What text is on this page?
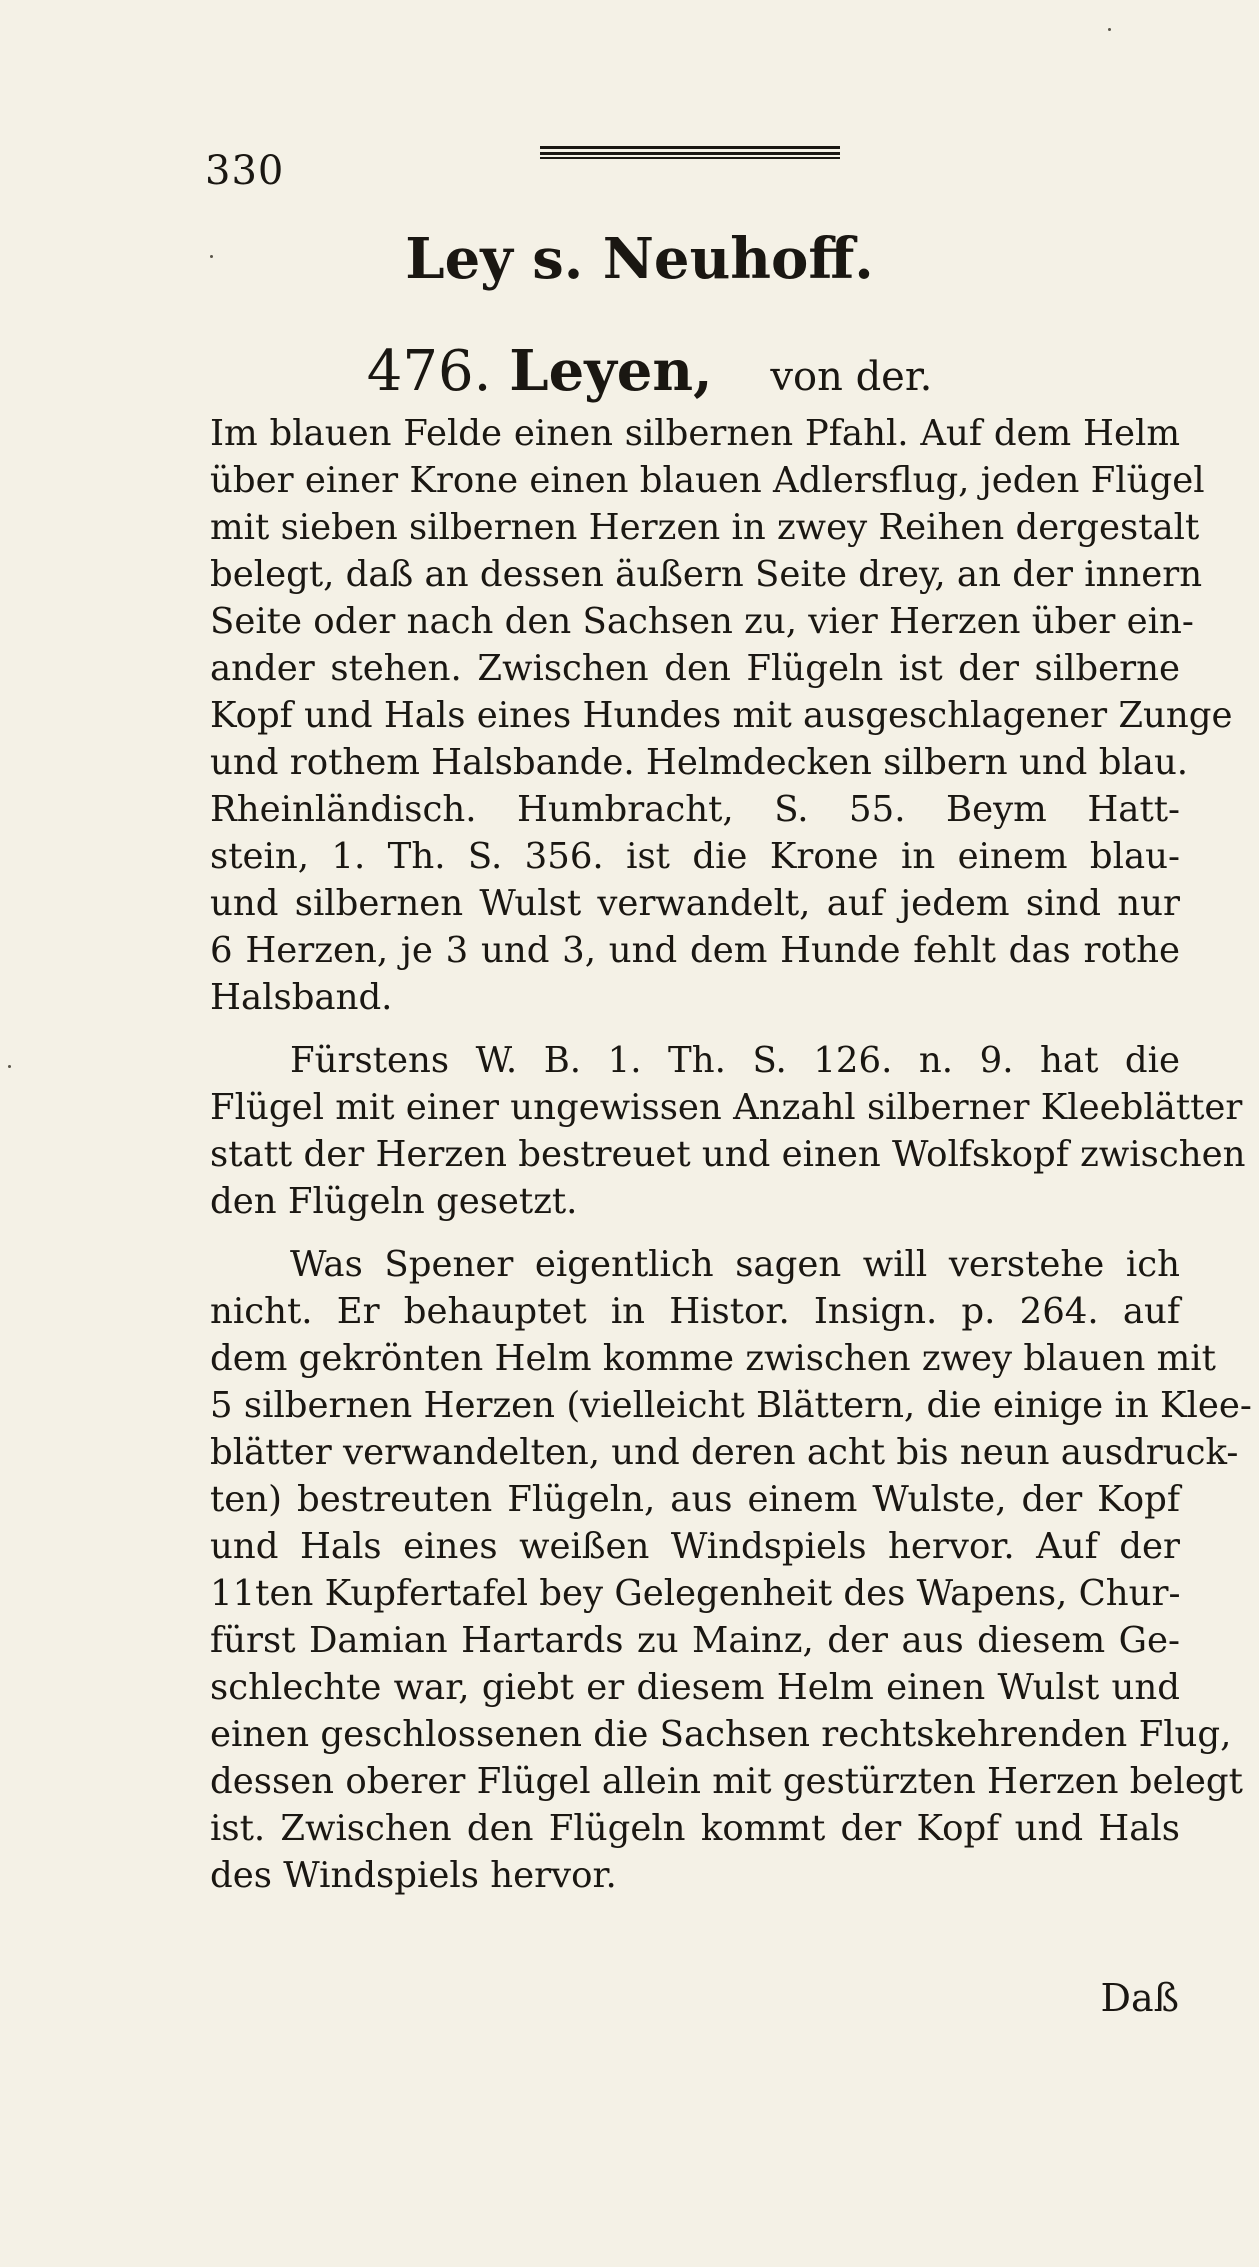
330
Ley s. Neuhoff.
476. Leyen, von der.
Im blauen Felde einen silbernen Pfahl. Auf dem Helm
über einer Krone einen blauen Adlersflug, jeden Flügel
mit sieben silbernen Herzen in zwey Reihen dergestalt
belegt, daß an dessen äußern Seite drey, an der innern
Seite oder nach den Sachsen zu, vier Herzen über ein-
ander stehen. Zwischen den Flügeln ist der silberne
Kopf und Hals eines Hundes mit ausgeschlagener Zunge
und rothem Halsbande. Helmdecken silbern und blau.
Rheinländisch. Humbracht, S. 55. Beym Hatt-
stein, 1. Th. S. 356. ist die Krone in einem blau-
und silbernen Wulst verwandelt, auf jedem sind nur
6 Herzen, je 3 und 3, und dem Hunde fehlt das rothe
Halsband.
Fürstens W. B. 1. Th. S. 126. n. 9. hat die
Flügel mit einer ungewissen Anzahl silberner Kleeblätter
statt der Herzen bestreuet und einen Wolfskopf zwischen
den Flügeln gesetzt.
Was Spener eigentlich sagen will verstehe ich
nicht. Er behauptet in Histor. Insign. p. 264. auf
dem gekrönten Helm komme zwischen zwey blauen mit
5 silbernen Herzen (vielleicht Blättern, die einige in Klee-
blätter verwandelten, und deren acht bis neun ausdruck-
ten) bestreuten Flügeln, aus einem Wulste, der Kopf
und Hals eines weißen Windspiels hervor. Auf der
11ten Kupfertafel bey Gelegenheit des Wapens, Chur-
fürst Damian Hartards zu Mainz, der aus diesem Ge-
schlechte war, giebt er diesem Helm einen Wulst und
einen geschlossenen die Sachsen rechtskehrenden Flug,
dessen oberer Flügel allein mit gestürzten Herzen belegt
ist. Zwischen den Flügeln kommt der Kopf und Hals
des Windspiels hervor.
Daß
